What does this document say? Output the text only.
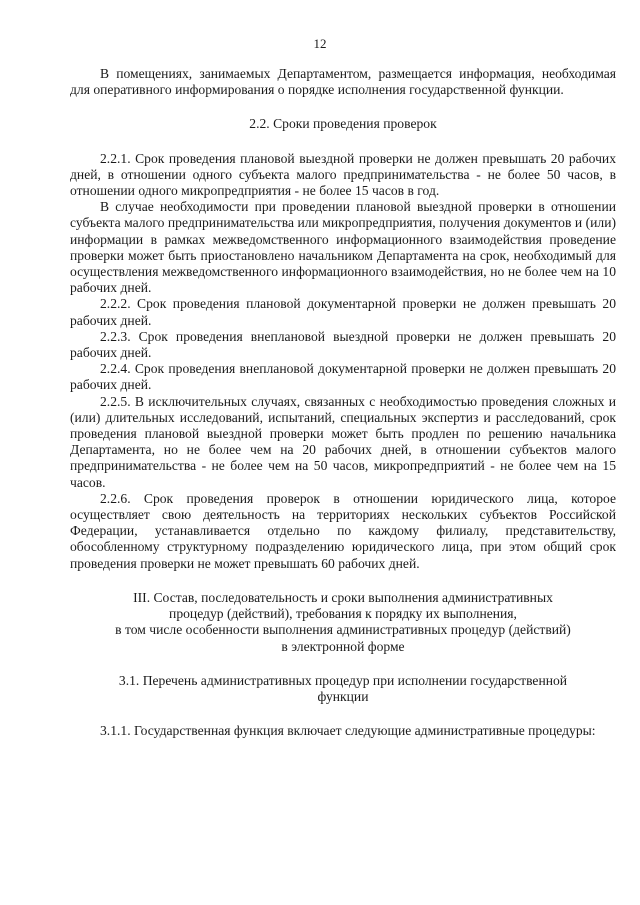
12

В помещениях, занимаемых Департаментом, размещается информация, необходимая для оперативного информирования о порядке исполнения государственной функции.

2.2. Сроки проведения проверок

2.2.1. Срок проведения плановой выездной проверки не должен превышать 20 рабочих дней, в отношении одного субъекта малого предпринимательства - не более 50 часов, в отношении одного микропредприятия - не более 15 часов в год.

В случае необходимости при проведении плановой выездной проверки в отношении субъекта малого предпринимательства или микропредприятия, получения документов и (или) информации в рамках межведомственного информационного взаимодействия проведение проверки может быть приостановлено начальником Департамента на срок, необходимый для осуществления межведомственного информационного взаимодействия, но не более чем на 10 рабочих дней.

2.2.2. Срок проведения плановой документарной проверки не должен превышать 20 рабочих дней.

2.2.3. Срок проведения внеплановой выездной проверки не должен превышать 20 рабочих дней.

2.2.4. Срок проведения внеплановой документарной проверки не должен превышать 20 рабочих дней.

2.2.5. В исключительных случаях, связанных с необходимостью проведения сложных и (или) длительных исследований, испытаний, специальных экспертиз и расследований, срок проведения плановой выездной проверки может быть продлен по решению начальника Департамента, но не более чем на 20 рабочих дней, в отношении субъектов малого предпринимательства - не более чем на 50 часов, микропредприятий - не более чем на 15 часов.

2.2.6. Срок проведения проверок в отношении юридического лица, которое осуществляет свою деятельность на территориях нескольких субъектов Российской Федерации, устанавливается отдельно по каждому филиалу, представительству, обособленному структурному подразделению юридического лица, при этом общий срок проведения проверки не может превышать 60 рабочих дней.

III. Состав, последовательность и сроки выполнения административных

процедур (действий), требования к порядку их выполнения,

в том числе особенности выполнения административных процедур (действий)

в электронной форме

3.1. Перечень административных процедур при исполнении государственной

функции

3.1.1. Государственная функция включает следующие административные процедуры:
